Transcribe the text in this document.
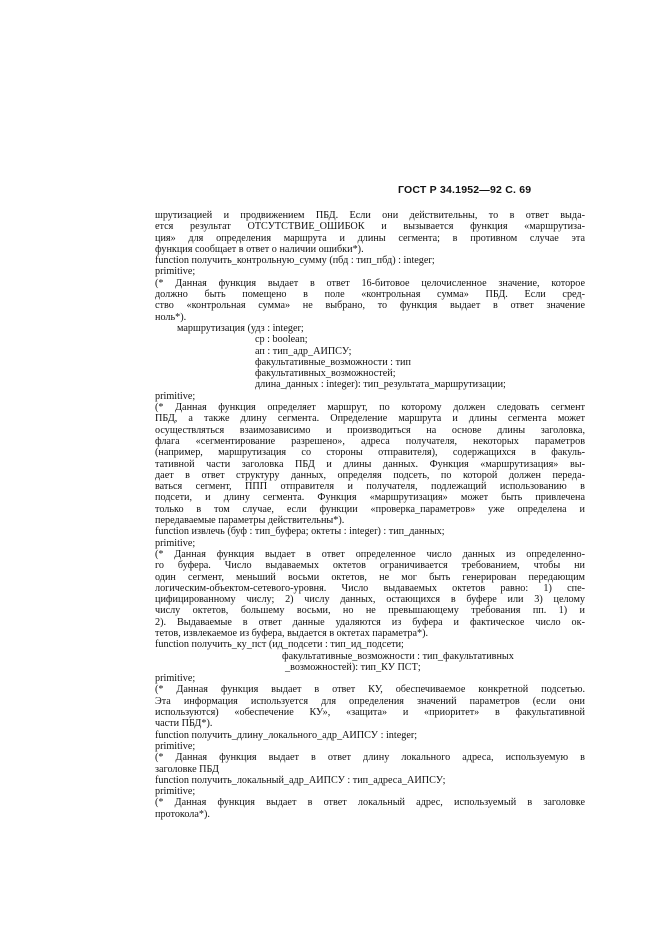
ГОСТ Р 34.1952—92 С. 69
шрутизацией и продвижением ПБД. Если они действительны, то в ответ выда-
ется результат ОТСУТСТВИЕ_ОШИБОК и вызывается функция «маршрутиза-
ция» для определения маршрута и длины сегмента; в противном случае эта
функция сообщает в ответ о наличии ошибки*).
function получить_контрольную_сумму (пбд : тип_пбд) : integer;
primitive;
(* Данная функция выдает в ответ 16-битовое целочисленное значение, которое
должно быть помещено в поле «контрольная сумма» ПБД. Если сред-
ство «контрольная сумма» не выбрано, то функция выдает в ответ значение
ноль*).
маршрутизация (удз : integer;
ср : boolean;
ап : тип_адр_АИПСУ;
факультативные_возможности : тип
факультативных_возможностей;
длина_данных : integer): тип_результата_маршрутизации;
primitive;
(* Данная функция определяет маршрут, по которому должен следовать сегмент
ПБД, а также длину сегмента. Определение маршрута и длины сегмента может
осуществляться взаимозависимо и производиться на основе длины заголовка,
флага «сегментирование разрешено», адреса получателя, некоторых параметров
(например, маршрутизация со стороны отправителя), содержащихся в факуль-
тативной части заголовка ПБД и длины данных. Функция «маршрутизация» вы-
дает в ответ структуру данных, определяя подсеть, по которой должен переда-
ваться сегмент, ППП отправителя и получателя, подлежащий использованию в
подсети, и длину сегмента. Функция «маршрутизация» может быть привлечена
только в том случае, если функции «проверка_параметров» уже определена и
передаваемые параметры действительны*).
function извлечь (буф : тип_буфера; октеты : integer) : тип_данных;
primitive;
(* Данная функция выдает в ответ определенное число данных из определенно-
го буфера. Число выдаваемых октетов ограничивается требованием, чтобы ни
один сегмент, меньший восьми октетов, не мог быть генерирован передающим
логическим-объектом-сетевого-уровня. Число выдаваемых октетов равно: 1) спе-
цифицированному числу; 2) числу данных, остающихся в буфере или 3) целому
числу октетов, большему восьми, но не превышающему требования пп. 1) и
2). Выдаваемые в ответ данные удаляются из буфера и фактическое число ок-
тетов, извлекаемое из буфера, выдается в октетах параметра*).
function получить_ку_пст (ид_подсети : тип_ид_подсети;
факультативные_возможности : тип_факультативных
_возможностей): тип_КУ ПСТ;
primitive;
(* Данная функция выдает в ответ КУ, обеспечиваемое конкретной подсетью.
Эта информация используется для определения значений параметров (если они
используются) «обеспечение КУ», «защита» и «приоритет» в факультативной
части ПБД*).
function получить_длину_локального_адр_АИПСУ : integer;
primitive;
(* Данная функция выдает в ответ длину локального адреса, используемую в
заголовке ПБД
function получить_локальный_адр_АИПСУ : тип_адреса_АИПСУ;
primitive;
(* Данная функция выдает в ответ локальный адрес, используемый в заголовке
протокола*).
